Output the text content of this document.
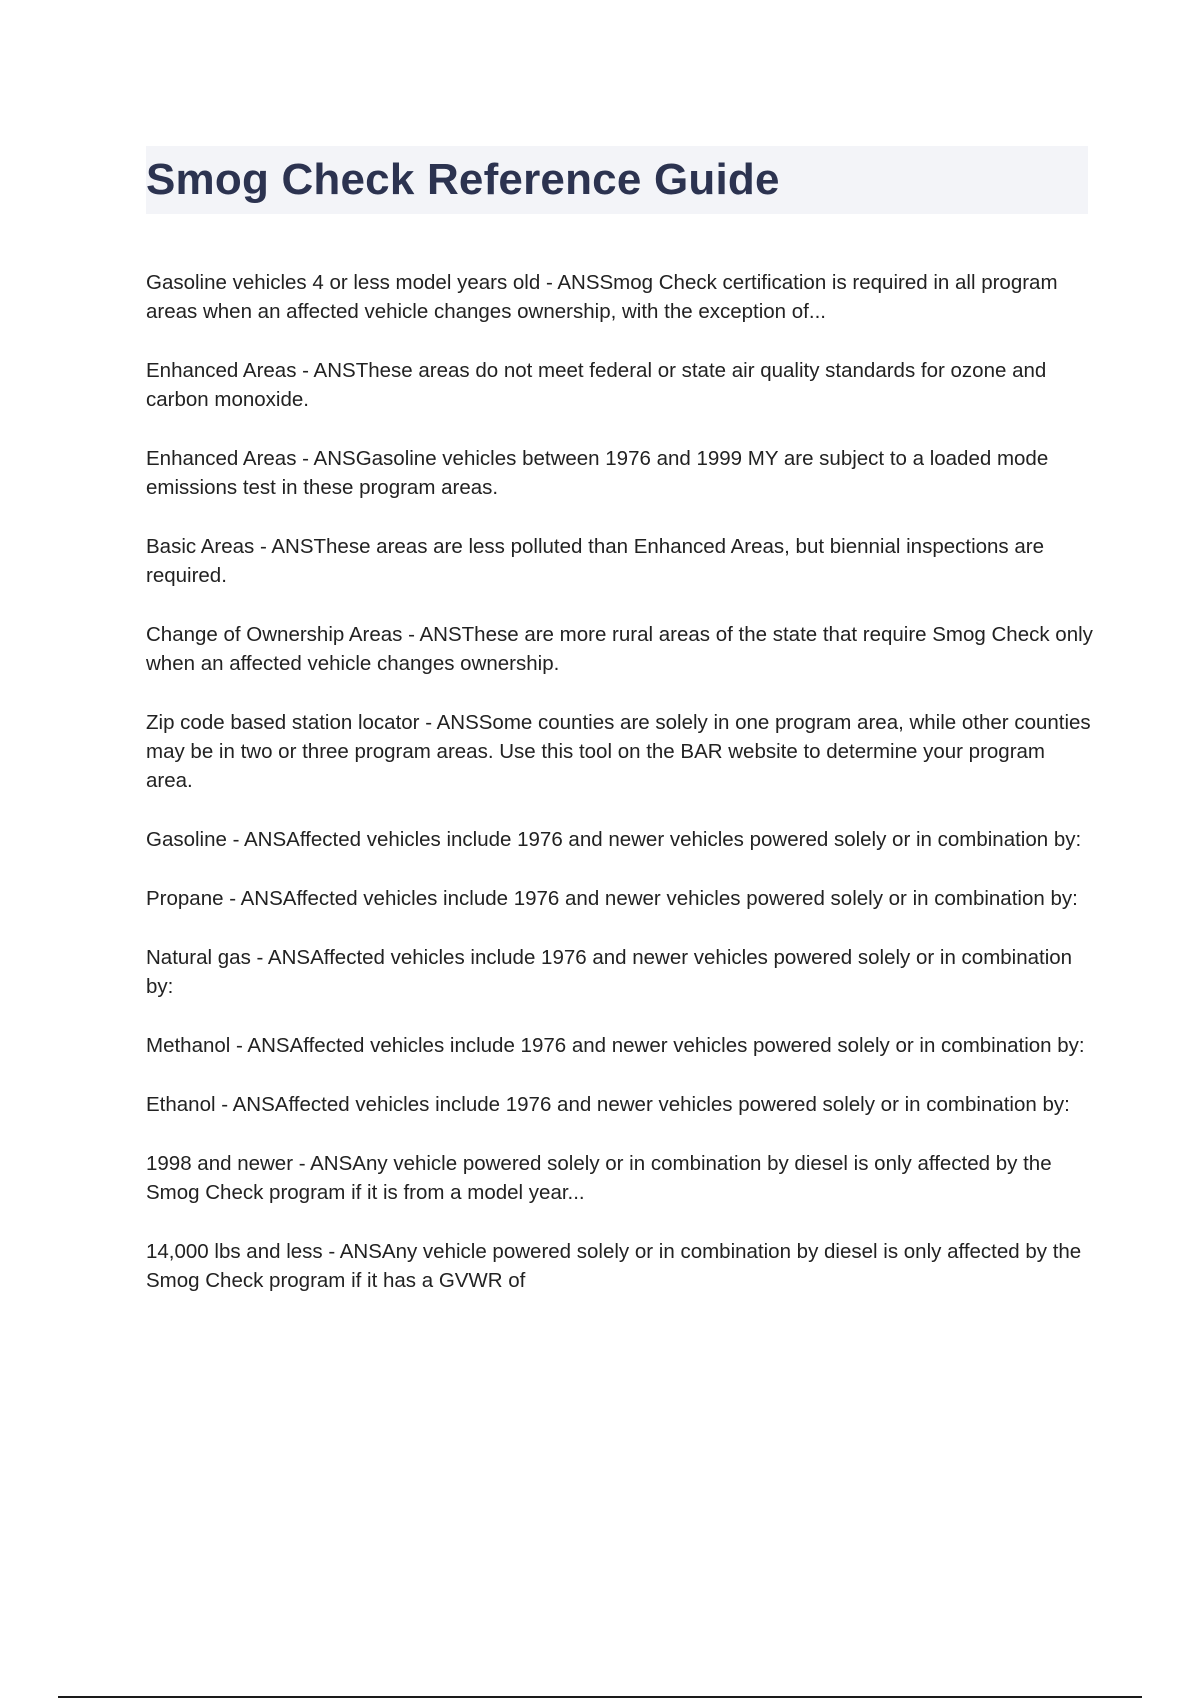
Smog Check Reference Guide

Gasoline vehicles 4 or less model years old - ANSSmog Check certification is required in all program areas when an affected vehicle changes ownership, with the exception of...

Enhanced Areas - ANSThese areas do not meet federal or state air quality standards for ozone and carbon monoxide.

Enhanced Areas - ANSGasoline vehicles between 1976 and 1999 MY are subject to a loaded mode emissions test in these program areas.

Basic Areas - ANSThese areas are less polluted than Enhanced Areas, but biennial inspections are required.

Change of Ownership Areas - ANSThese are more rural areas of the state that require Smog Check only when an affected vehicle changes ownership.

Zip code based station locator - ANSSome counties are solely in one program area, while other counties may be in two or three program areas. Use this tool on the BAR website to determine your program area.

Gasoline - ANSAffected vehicles include 1976 and newer vehicles powered solely or in combination by:

Propane - ANSAffected vehicles include 1976 and newer vehicles powered solely or in combination by:

Natural gas - ANSAffected vehicles include 1976 and newer vehicles powered solely or in combination by:

Methanol - ANSAffected vehicles include 1976 and newer vehicles powered solely or in combination by:

Ethanol - ANSAffected vehicles include 1976 and newer vehicles powered solely or in combination by:

1998 and newer - ANSAny vehicle powered solely or in combination by diesel is only affected by the Smog Check program if it is from a model year...

14,000 lbs and less - ANSAny vehicle powered solely or in combination by diesel is only affected by the Smog Check program if it has a GVWR of
